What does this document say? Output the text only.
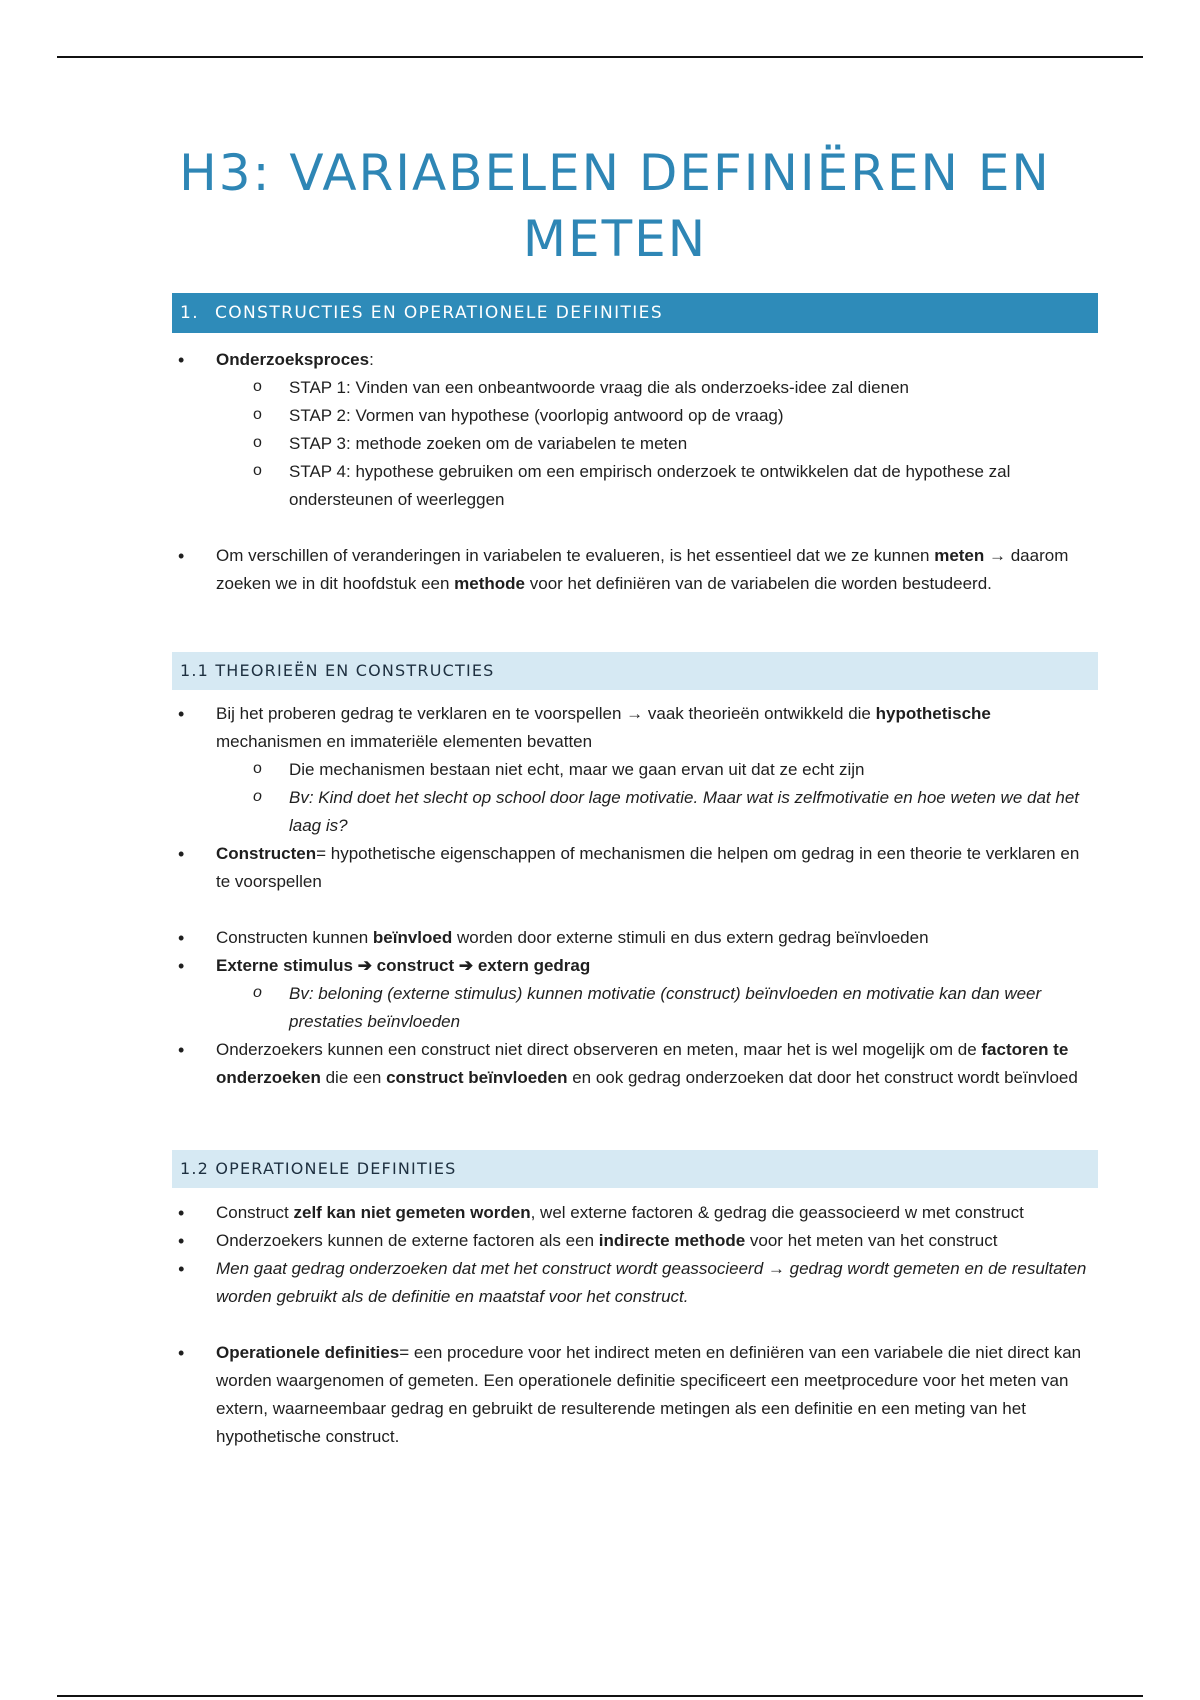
H3: VARIABELEN DEFINIËREN EN
METEN
1. CONSTRUCTIES EN OPERATIONELE DEFINITIES
• Onderzoeksproces:
o STAP 1: Vinden van een onbeantwoorde vraag die als onderzoeks-idee zal dienen
o STAP 2: Vormen van hypothese (voorlopig antwoord op de vraag)
o STAP 3: methode zoeken om de variabelen te meten
o STAP 4: hypothese gebruiken om een empirisch onderzoek te ontwikkelen dat de hypothese zal ondersteunen of weerleggen
• Om verschillen of veranderingen in variabelen te evalueren, is het essentieel dat we ze kunnen meten → daarom zoeken we in dit hoofdstuk een methode voor het definiëren van de variabelen die worden bestudeerd.
1.1 THEORIEËN EN CONSTRUCTIES
• Bij het proberen gedrag te verklaren en te voorspellen → vaak theorieën ontwikkeld die hypothetische mechanismen en immateriële elementen bevatten
o Die mechanismen bestaan niet echt, maar we gaan ervan uit dat ze echt zijn
o Bv: Kind doet het slecht op school door lage motivatie. Maar wat is zelfmotivatie en hoe weten we dat het laag is?
• Constructen= hypothetische eigenschappen of mechanismen die helpen om gedrag in een theorie te verklaren en te voorspellen
• Constructen kunnen beïnvloed worden door externe stimuli en dus extern gedrag beïnvloeden
• Externe stimulus ➔ construct ➔ extern gedrag
o Bv: beloning (externe stimulus) kunnen motivatie (construct) beïnvloeden en motivatie kan dan weer prestaties beïnvloeden
• Onderzoekers kunnen een construct niet direct observeren en meten, maar het is wel mogelijk om de factoren te onderzoeken die een construct beïnvloeden en ook gedrag onderzoeken dat door het construct wordt beïnvloed
1.2 OPERATIONELE DEFINITIES
• Construct zelf kan niet gemeten worden, wel externe factoren & gedrag die geassocieerd w met construct
• Onderzoekers kunnen de externe factoren als een indirecte methode voor het meten van het construct
• Men gaat gedrag onderzoeken dat met het construct wordt geassocieerd → gedrag wordt gemeten en de resultaten worden gebruikt als de definitie en maatstaf voor het construct.
• Operationele definities= een procedure voor het indirect meten en definiëren van een variabele die niet direct kan worden waargenomen of gemeten. Een operationele definitie specificeert een meetprocedure voor het meten van extern, waarneembaar gedrag en gebruikt de resulterende metingen als een definitie en een meting van het hypothetische construct.
